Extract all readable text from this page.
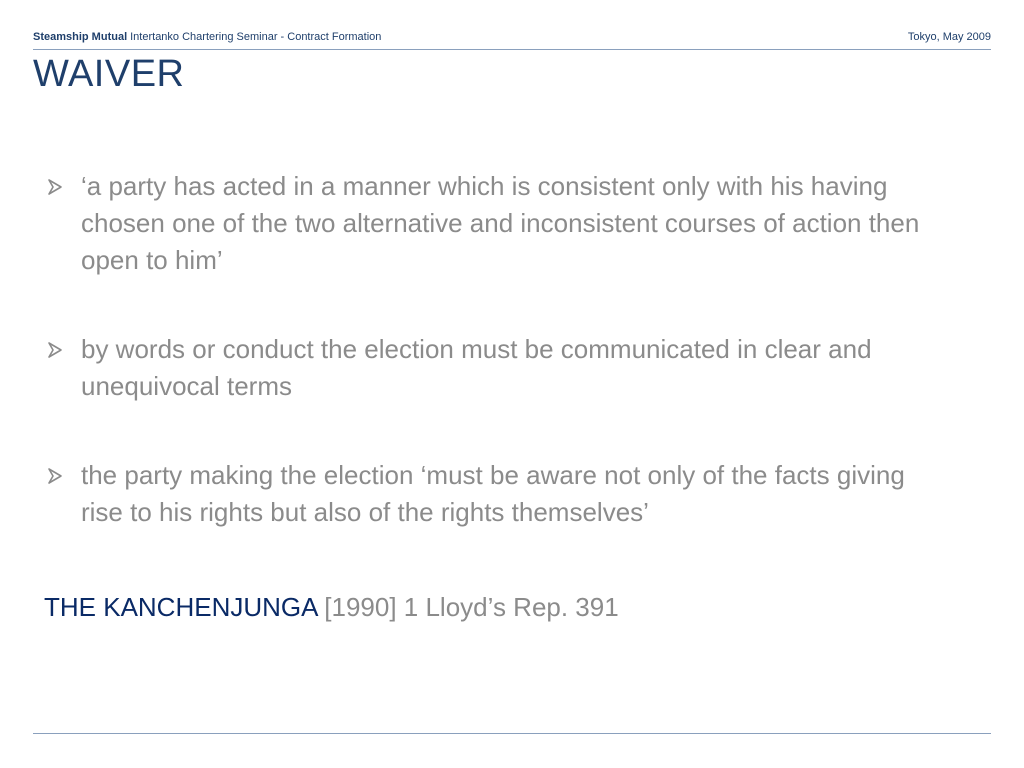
Steamship Mutual Intertanko Chartering Seminar - Contract Formation	Tokyo, May 2009
WAIVER
‘a party has acted in a manner which is consistent only with his having chosen one of the two alternative and inconsistent courses of action then open to him’
by words or conduct the election must be communicated in clear and unequivocal terms
the party making the election ‘must be aware not only of the facts giving rise to his rights but also of the rights themselves’
THE KANCHENJUNGA [1990] 1 Lloyd’s Rep. 391
